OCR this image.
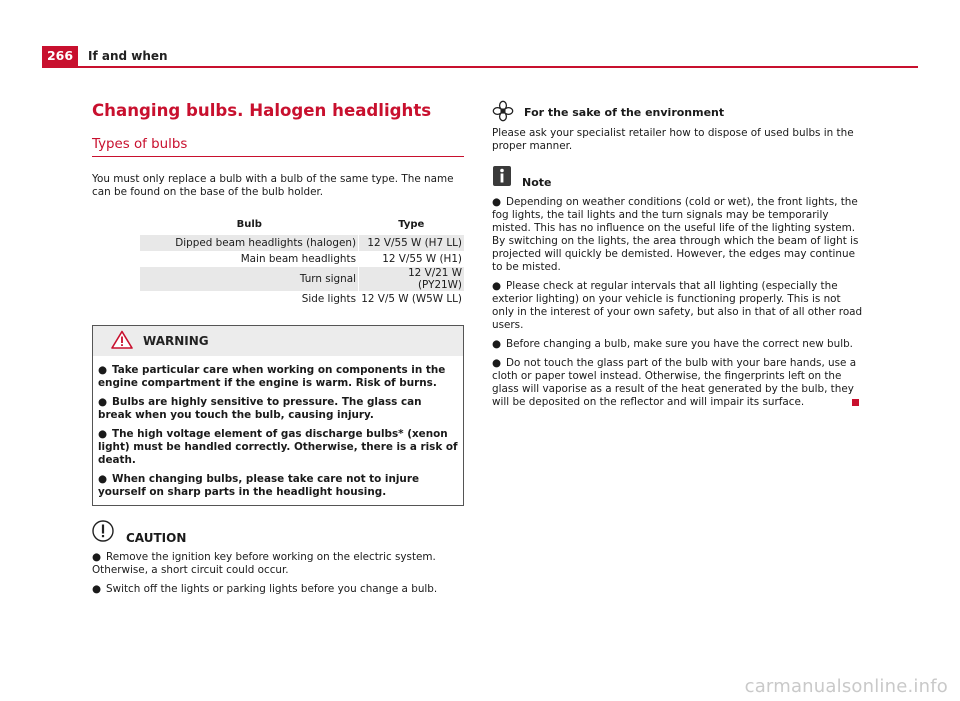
266	If and when
Changing bulbs. Halogen headlights
Types of bulbs

You must only replace a bulb with a bulb of the same type. The name can be found on the base of the bulb holder.

Bulb	Type
Dipped beam headlights (halogen)	12 V/55 W (H7 LL)
Main beam headlights	12 V/55 W (H1)
Turn signal	12 V/21 W (PY21W)
Side lights	12 V/5 W (W5W LL)
WARNING
● Take particular care when working on components in the engine compartment if the engine is warm. Risk of burns.
● Bulbs are highly sensitive to pressure. The glass can break when you touch the bulb, causing injury.
● The high voltage element of gas discharge bulbs* (xenon light) must be handled correctly. Otherwise, there is a risk of death.
● When changing bulbs, please take care not to injure yourself on sharp parts in the headlight housing.
CAUTION
● Remove the ignition key before working on the electric system. Otherwise, a short circuit could occur.
● Switch off the lights or parking lights before you change a bulb.
For the sake of the environment

Please ask your specialist retailer how to dispose of used bulbs in the proper manner.

Note
● Depending on weather conditions (cold or wet), the front lights, the fog lights, the tail lights and the turn signals may be temporarily misted. This has no influence on the useful life of the lighting system. By switching on the lights, the area through which the beam of light is projected will quickly be demisted. However, the edges may continue to be misted.
● Please check at regular intervals that all lighting (especially the exterior lighting) on your vehicle is functioning properly. This is not only in the interest of your own safety, but also in that of all other road users.
● Before changing a bulb, make sure you have the correct new bulb.
● Do not touch the glass part of the bulb with your bare hands, use a cloth or paper towel instead. Otherwise, the fingerprints left on the glass will vaporise as a result of the heat generated by the bulb, they will be deposited on the reflector and will impair its surface.
carmanualsonline.info
